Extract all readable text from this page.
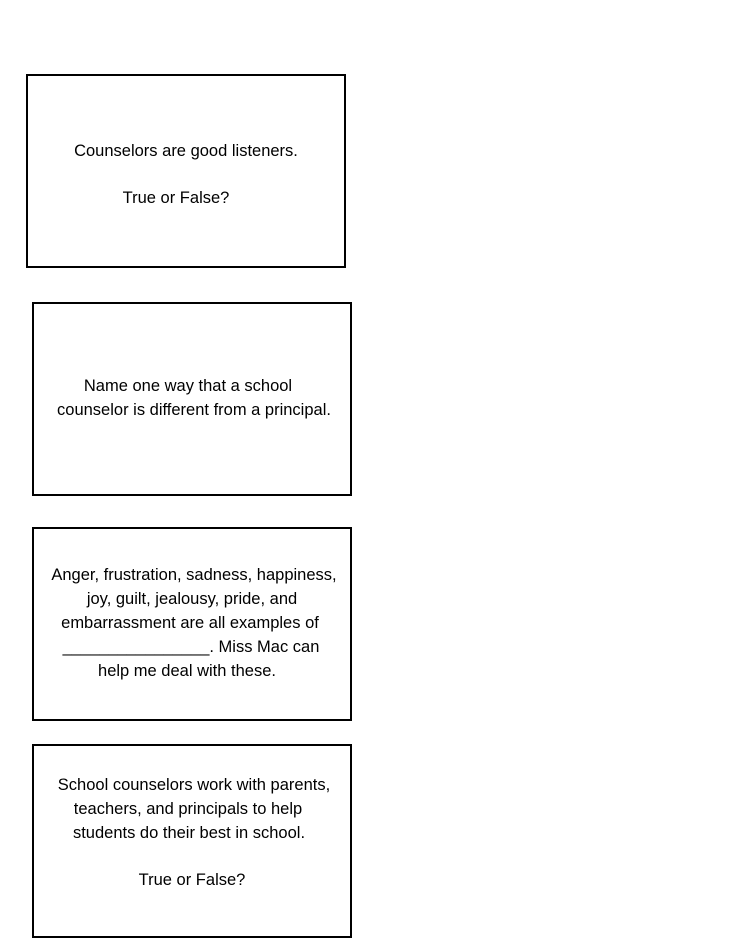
Counselors are good listeners.
True or False?
Name one way that a school
counselor is different from a principal.
Anger, frustration, sadness, happiness,
joy, guilt, jealousy, pride, and
embarrassment are all examples of
________________. Miss Mac can
help me deal with these.
School counselors work with parents,
teachers, and principals to help
students do their best in school.
True or False?
